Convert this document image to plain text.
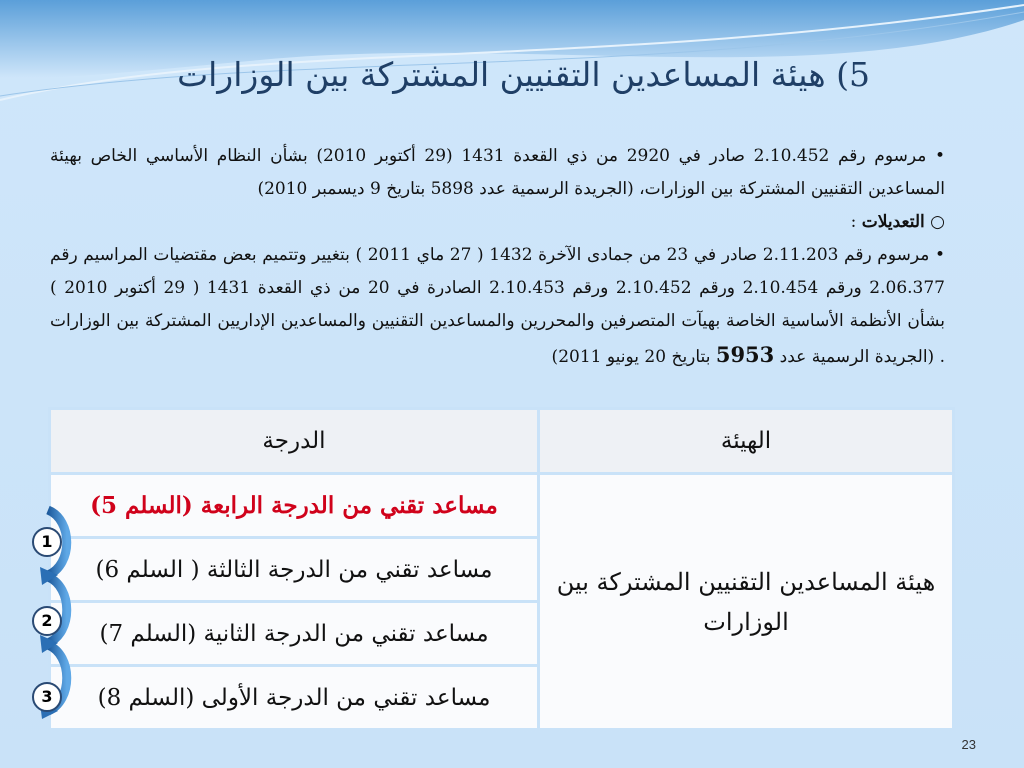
5) هيئة المساعدين التقنيين المشتركة بين الوزارات

• مرسوم رقم 2.10.452 صادر في 2920 من ذي القعدة 1431 (29 أكتوبر 2010) بشأن النظام الأساسي الخاص بهيئة المساعدين التقنيين المشتركة بين الوزارات، (الجريدة الرسمية عدد 5898 بتاريخ 9 ديسمبر 2010)

○ التعديلات :

• مرسوم رقم 2.11.203 صادر في 23 من جمادى الآخرة 1432 ( 27 ماي 2011 ) بتغيير وتتميم بعض مقتضيات المراسيم رقم 2.06.377 ورقم 2.10.454 ورقم 2.10.452 ورقم 2.10.453 الصادرة في 20 من ذي القعدة 1431 ( 29 أكتوبر 2010 ) بشأن الأنظمة الأساسية الخاصة بهيآت المتصرفين والمحررين والمساعدين التقنيين والمساعدين الإداريين المشتركة بين الوزارات . (الجريدة الرسمية عدد 5953 بتاريخ 20 يونيو 2011)

الهيئة	الدرجة
هيئة المساعدين التقنيين المشتركة بين الوزارات	مساعد تقني من الدرجة الرابعة (السلم 5)
	مساعد تقني من الدرجة الثالثة ( السلم 6)
	مساعد تقني من الدرجة الثانية (السلم 7)
	مساعد تقني من الدرجة الأولى (السلم 8)
1
2
3
23
